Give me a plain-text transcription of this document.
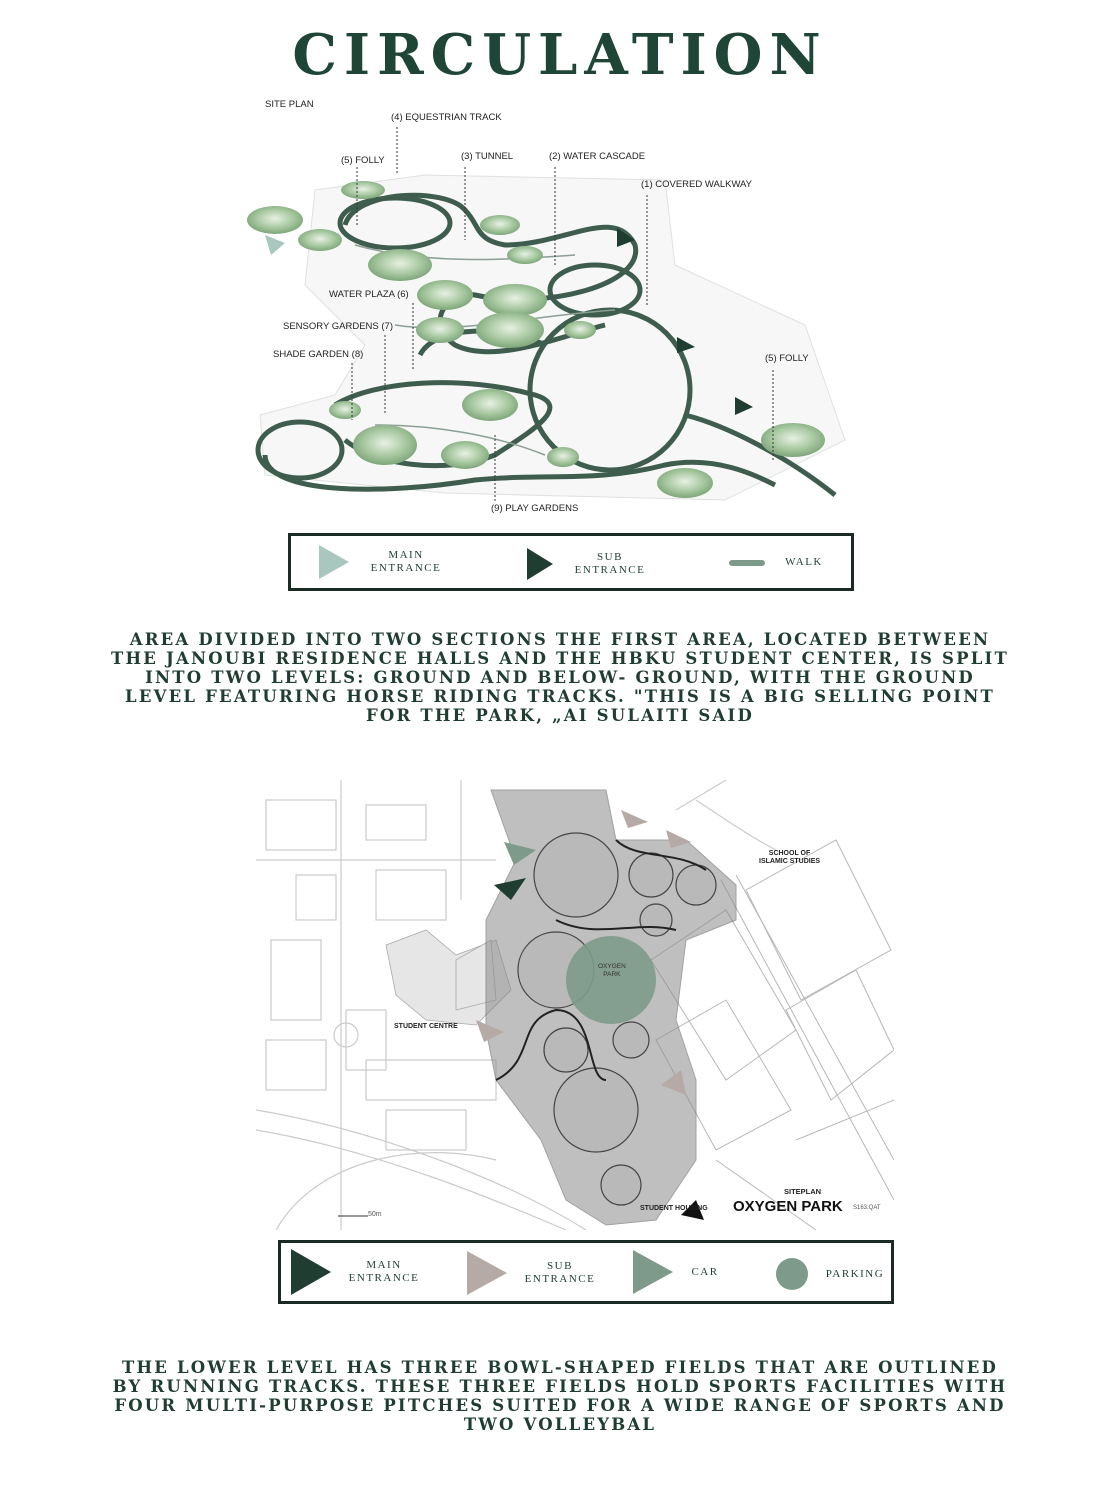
CIRCULATION
SITE PLAN
(4) EQUESTRIAN TRACK
(5) FOLLY	(3) TUNNEL	(2) WATER CASCADE
(1) COVERED WALKWAY
WATER PLAZA (6)
SENSORY GARDENS (7)
SHADE GARDEN (8)	(5) FOLLY
(9) PLAY GARDENS
MAIN ENTRANCE
SUB ENTRANCE
WALK
AREA DIVIDED INTO TWO SECTIONS THE FIRST AREA, LOCATED BETWEEN THE JANOUBI RESIDENCE HALLS AND THE HBKU STUDENT CENTER, IS SPLIT INTO TWO LEVELS: GROUND AND BELOW- GROUND, WITH THE GROUND LEVEL FEATURING HORSE RIDING TRACKS. "THIS IS A BIG SELLING POINT FOR THE PARK, „AI SULAITI SAID
SCHOOL OF
ISLAMIC STUDIES
OXYGEN
PARK
STUDENT CENTRE
STUDENT HOUSING
SITEPLAN
OXYGEN PARK S163.QAT
50m
MAIN ENTRANCE
SUB ENTRANCE
CAR	PARKING
THE LOWER LEVEL HAS THREE BOWL-SHAPED FIELDS THAT ARE OUTLINED BY RUNNING TRACKS. THESE THREE FIELDS HOLD SPORTS FACILITIES WITH FOUR MULTI-PURPOSE PITCHES SUITED FOR A WIDE RANGE OF SPORTS AND TWO VOLLEYBAL
